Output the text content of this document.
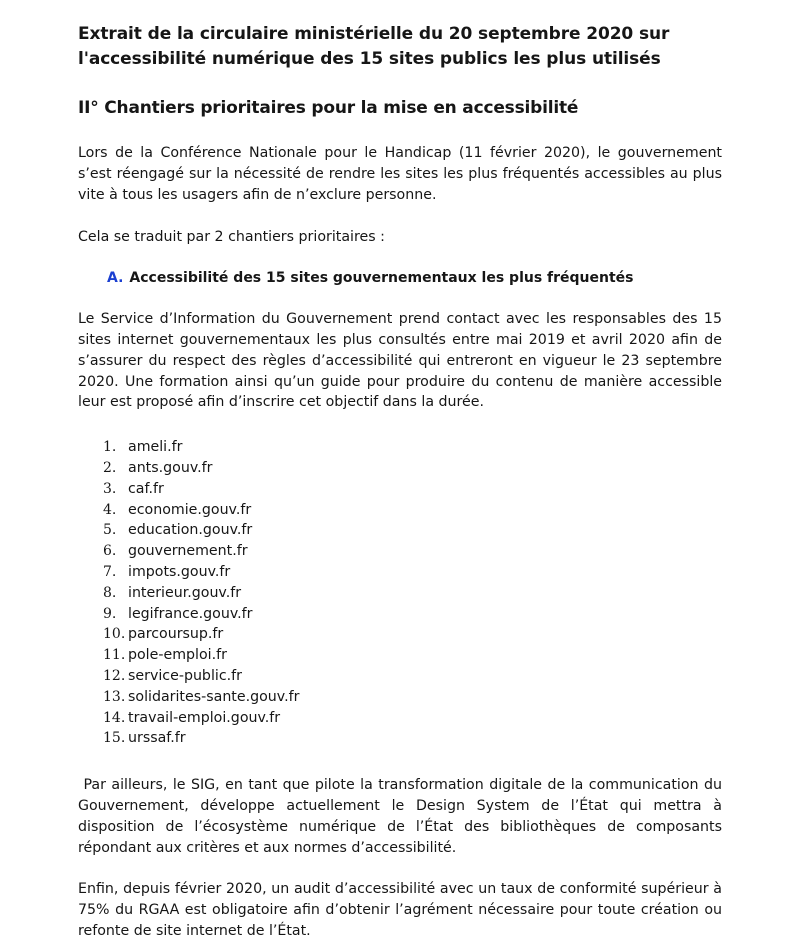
Extrait de la circulaire ministérielle du 20 septembre 2020 sur
l'accessibilité numérique des 15 sites publics les plus utilisés
II° Chantiers prioritaires pour la mise en accessibilité

Lors de la Conférence Nationale pour le Handicap (11 février 2020), le gouvernement s’est réengagé sur la nécessité de rendre les sites les plus fréquentés accessibles au plus vite à tous les usagers afin de n’exclure personne.

Cela se traduit par 2 chantiers prioritaires :

A. Accessibilité des 15 sites gouvernementaux les plus fréquentés

Le Service d’Information du Gouvernement prend contact avec les responsables des 15 sites internet gouvernementaux les plus consultés entre mai 2019 et avril 2020 afin de s’assurer du respect des règles d’accessibilité qui entreront en vigueur le 23 septembre 2020. Une formation ainsi qu’un guide pour produire du contenu de manière accessible leur est proposé afin d’inscrire cet objectif dans la durée.

1. ameli.fr
2. ants.gouv.fr
3. caf.fr
4. economie.gouv.fr
5. education.gouv.fr
6. gouvernement.fr
7. impots.gouv.fr
8. interieur.gouv.fr
9. legifrance.gouv.fr
10. parcoursup.fr
11. pole-emploi.fr
12. service-public.fr
13. solidarites-sante.gouv.fr
14. travail-emploi.gouv.fr
15. urssaf.fr

Par ailleurs, le SIG, en tant que pilote la transformation digitale de la communication du Gouvernement, développe actuellement le Design System de l’État qui mettra à disposition de l’écosystème numérique de l’État des bibliothèques de composants répondant aux critères et aux normes d’accessibilité.

Enfin, depuis février 2020, un audit d’accessibilité avec un taux de conformité supérieur à 75% du RGAA est obligatoire afin d’obtenir l’agrément nécessaire pour toute création ou refonte de site internet de l’État.
